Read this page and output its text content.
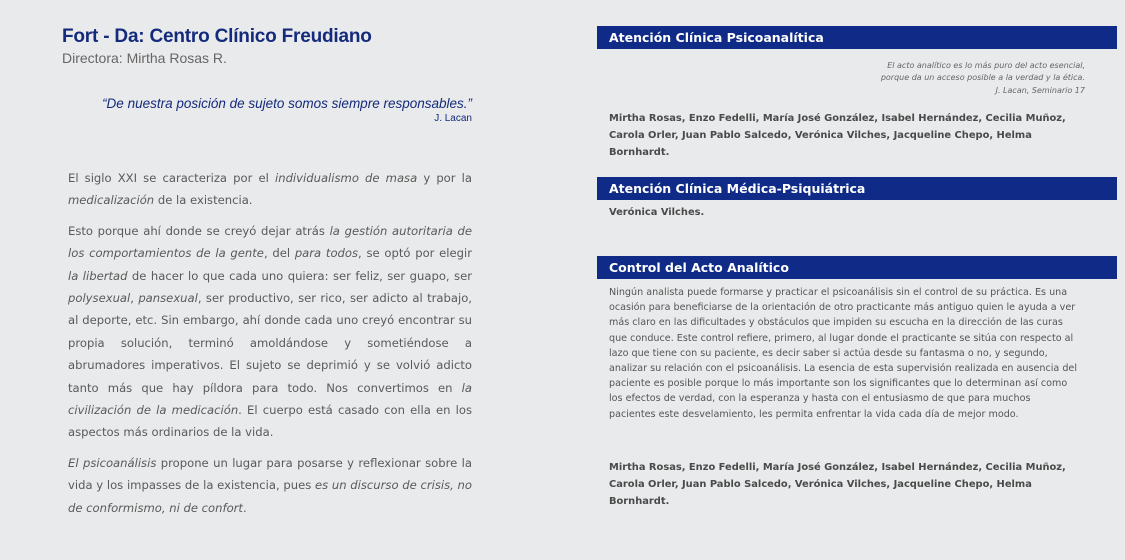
Fort - Da: Centro Clínico Freudiano
Directora: Mirtha Rosas R.
“De nuestra posición de sujeto somos siempre responsables.”
J. Lacan

El siglo XXI se caracteriza por el individualismo de masa y por la medicalización de la existencia.

Esto porque ahí donde se creyó dejar atrás la gestión autoritaria de los comportamientos de la gente, del para todos, se optó por elegir la libertad de hacer lo que cada uno quiera: ser feliz, ser guapo, ser polysexual, pansexual, ser productivo, ser rico, ser adicto al trabajo, al deporte, etc. Sin embargo, ahí donde cada uno creyó encontrar su propia solución, terminó amoldándose y sometiéndose a abrumadores imperativos. El sujeto se deprimió y se volvió adicto tanto más que hay píldora para todo. Nos convertimos en la civilización de la medicación. El cuerpo está casado con ella en los aspectos más ordinarios de la vida.

El psicoanálisis propone un lugar para posarse y reflexionar sobre la vida y los impasses de la existencia, pues es un discurso de crisis, no de conformismo, ni de confort.

Atención Clínica Psicoanalítica
El acto analítico es lo más puro del acto esencial,
porque da un acceso posible a la verdad y la ética.
J. Lacan, Seminario 17
Mirtha Rosas, Enzo Fedelli, María José González, Isabel Hernández, Cecilia Muñoz,
Carola Orler, Juan Pablo Salcedo, Verónica Vilches, Jacqueline Chepo, Helma Bornhardt.
Atención Clínica Médica-Psiquiátrica
Verónica Vilches.
Control del Acto Analítico
Ningún analista puede formarse y practicar el psicoanálisis sin el control de su práctica. Es una ocasión para beneficiarse de la orientación de otro practicante más antiguo quien le ayuda a ver más claro en las dificultades y obstáculos que impiden su escucha en la dirección de las curas que conduce. Este control refiere, primero, al lugar donde el practicante se sitúa con respecto al lazo que tiene con su paciente, es decir saber si actúa desde su fantasma o no, y segundo, analizar su relación con el psicoanálisis. La esencia de esta supervisión realizada en ausencia del paciente es posible porque lo más importante son los significantes que lo determinan así como los efectos de verdad, con la esperanza y hasta con el entusiasmo de que para muchos pacientes este desvelamiento, les permita enfrentar la vida cada día de mejor modo.
Mirtha Rosas, Enzo Fedelli, María José González, Isabel Hernández, Cecilia Muñoz,
Carola Orler, Juan Pablo Salcedo, Verónica Vilches, Jacqueline Chepo, Helma Bornhardt.
